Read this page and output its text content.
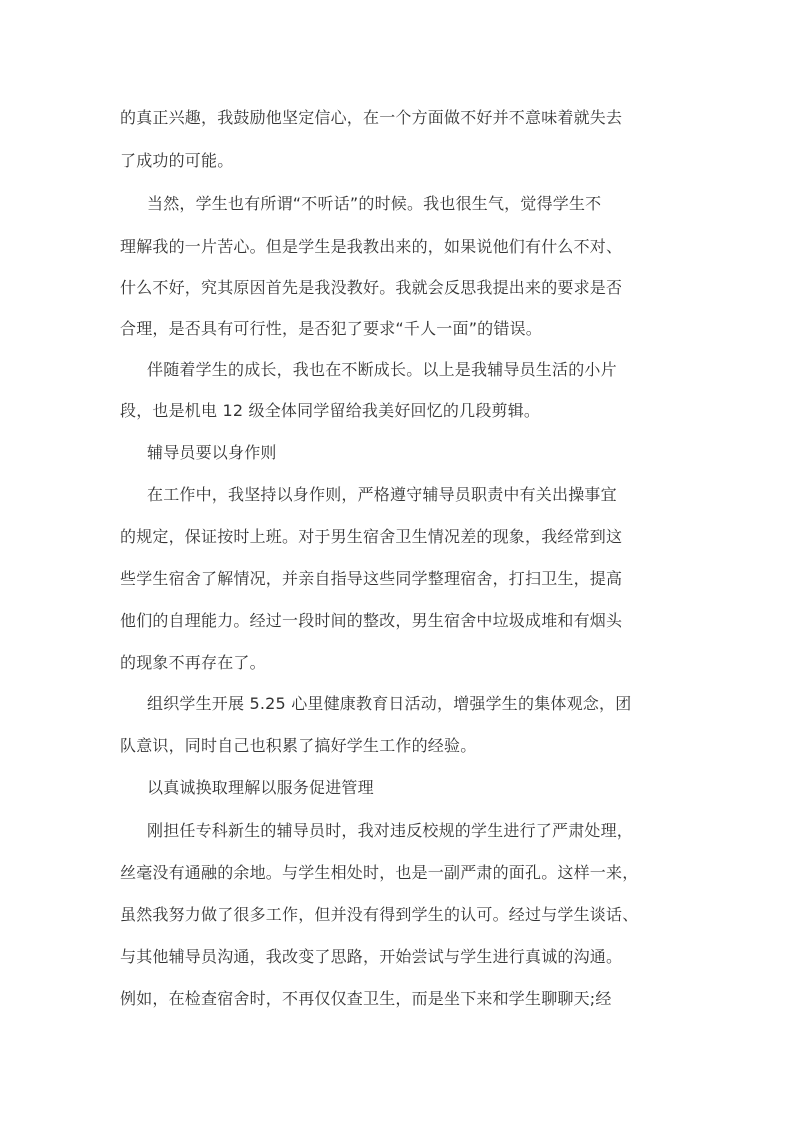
的真正兴趣，我鼓励他坚定信心，在一个方面做不好并不意味着就失去
了成功的可能。
当然，学生也有所谓“不听话”的时候。我也很生气，觉得学生不
理解我的一片苦心。但是学生是我教出来的，如果说他们有什么不对、
什么不好，究其原因首先是我没教好。我就会反思我提出来的要求是否
合理，是否具有可行性，是否犯了要求“千人一面”的错误。
伴随着学生的成长，我也在不断成长。以上是我辅导员生活的小片
段，也是机电 12 级全体同学留给我美好回忆的几段剪辑。
辅导员要以身作则
在工作中，我坚持以身作则，严格遵守辅导员职责中有关出操事宜
的规定，保证按时上班。对于男生宿舍卫生情况差的现象，我经常到这
些学生宿舍了解情况，并亲自指导这些同学整理宿舍，打扫卫生，提高
他们的自理能力。经过一段时间的整改，男生宿舍中垃圾成堆和有烟头
的现象不再存在了。
组织学生开展 5.25 心里健康教育日活动，增强学生的集体观念，团
队意识，同时自己也积累了搞好学生工作的经验。
以真诚换取理解以服务促进管理
刚担任专科新生的辅导员时，我对违反校规的学生进行了严肃处理，
丝毫没有通融的余地。与学生相处时，也是一副严肃的面孔。这样一来，
虽然我努力做了很多工作，但并没有得到学生的认可。经过与学生谈话、
与其他辅导员沟通，我改变了思路，开始尝试与学生进行真诚的沟通。
例如，在检查宿舍时，不再仅仅查卫生，而是坐下来和学生聊聊天;经
